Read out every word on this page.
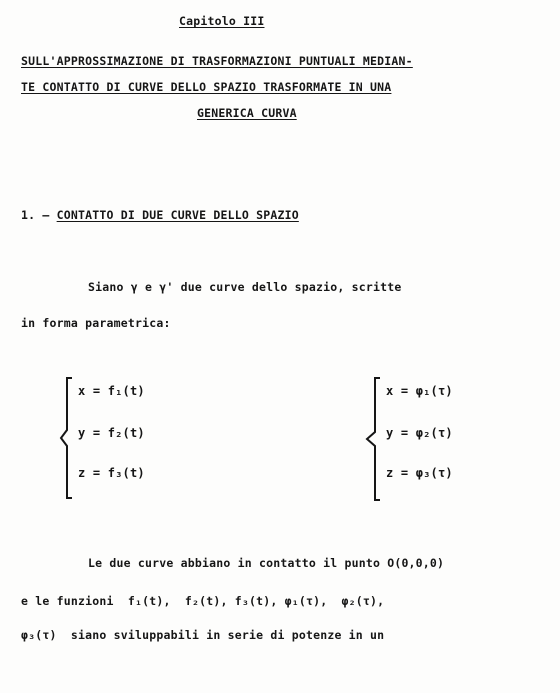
Capitolo III
SULL'APPROSSIMAZIONE DI TRASFORMAZIONI PUNTUALI MEDIAN-
TE CONTATTO DI CURVE DELLO SPAZIO TRASFORMATE IN UNA
GENERICA CURVA
1. – CONTATTO DI DUE CURVE DELLO SPAZIO
Siano γ e γ' due curve dello spazio, scritte
in forma parametrica:
x = f₁(t)
y = f₂(t)
z = f₃(t)
x = φ₁(τ)
y = φ₂(τ)
z = φ₃(τ)
Le due curve abbiano in contatto il punto O(0,0,0)
e le funzioni  f₁(t),  f₂(t), f₃(t), φ₁(τ),  φ₂(τ),
φ₃(τ)  siano sviluppabili in serie di potenze in un
